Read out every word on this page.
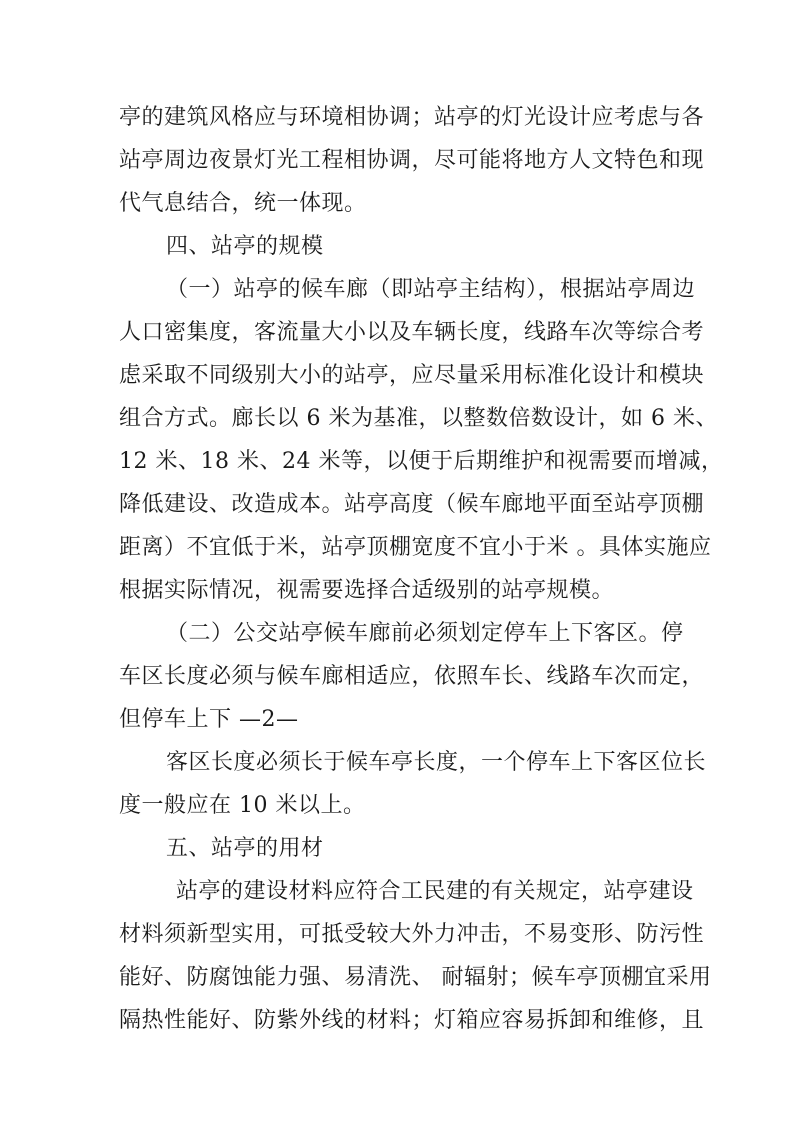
亭的建筑风格应与环境相协调；站亭的灯光设计应考虑与各
站亭周边夜景灯光工程相协调，尽可能将地方人文特色和现
代气息结合，统一体现。
四、站亭的规模
（一）站亭的候车廊（即站亭主结构），根据站亭周边
人口密集度，客流量大小以及车辆长度，线路车次等综合考
虑采取不同级别大小的站亭，应尽量采用标准化设计和模块
组合方式。廊长以 6 米为基准，以整数倍数设计，如 6 米、
12 米、18 米、24 米等，以便于后期维护和视需要而增减，
降低建设、改造成本。站亭高度（候车廊地平面至站亭顶棚
距离）不宜低于米，站亭顶棚宽度不宜小于米 。具体实施应
根据实际情况，视需要选择合适级别的站亭规模。
（二）公交站亭候车廊前必须划定停车上下客区。停
车区长度必须与候车廊相适应，依照车长、线路车次而定，
但停车上下 —2—
客区长度必须长于候车亭长度，一个停车上下客区位长
度一般应在 10 米以上。
五、站亭的用材
站亭的建设材料应符合工民建的有关规定，站亭建设
材料须新型实用，可抵受较大外力冲击，不易变形、防污性
能好、防腐蚀能力强、易清洗、 耐辐射；候车亭顶棚宜采用
隔热性能好、防紫外线的材料；灯箱应容易拆卸和维修，且
